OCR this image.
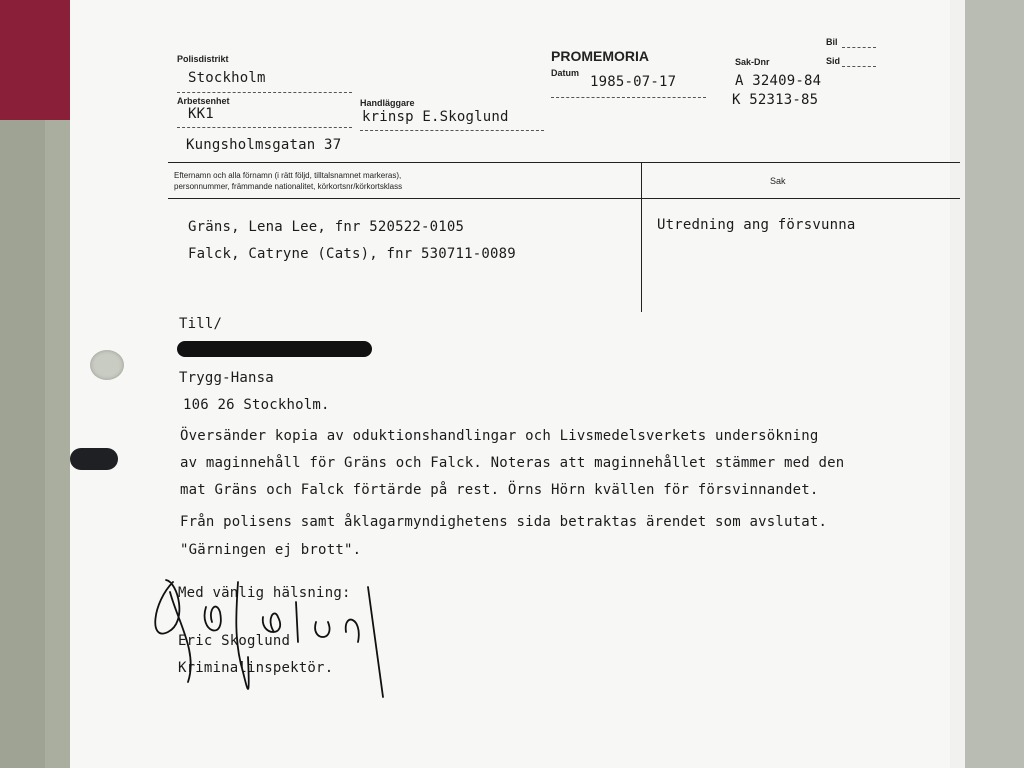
Polisdistrikt
Stockholm
PROMEMORIA
Datum
1985-07-17
Sak-Dnr
A 32409-84
K 52313-85
Bil
Sid
Arbetsenhet
KK1
Handläggare
krinsp E.Skoglund
Kungsholmsgatan 37
Efternamn och alla förnamn (i rätt följd, tilltalsnamnet markeras),
personnummer, främmande nationalitet, körkortsnr/körkortsklass
Sak
Gräns, Lena Lee, fnr 520522-0105
Falck, Catryne (Cats), fnr 530711-0089
Utredning ang försvunna
Till/
Trygg-Hansa
106 26 Stockholm.
Översänder kopia av oduktionshandlingar och Livsmedelsverkets undersökning
av maginnehåll för Gräns och Falck. Noteras att maginnehållet stämmer med den
mat Gräns och Falck förtärde på rest. Örns Hörn kvällen för försvinnandet.
Från polisens samt åklagarmyndighetens sida betraktas ärendet som avslutat.
"Gärningen ej brott".
Med vänlig hälsning:
Eric Skoglund
Kriminalinspektör.
